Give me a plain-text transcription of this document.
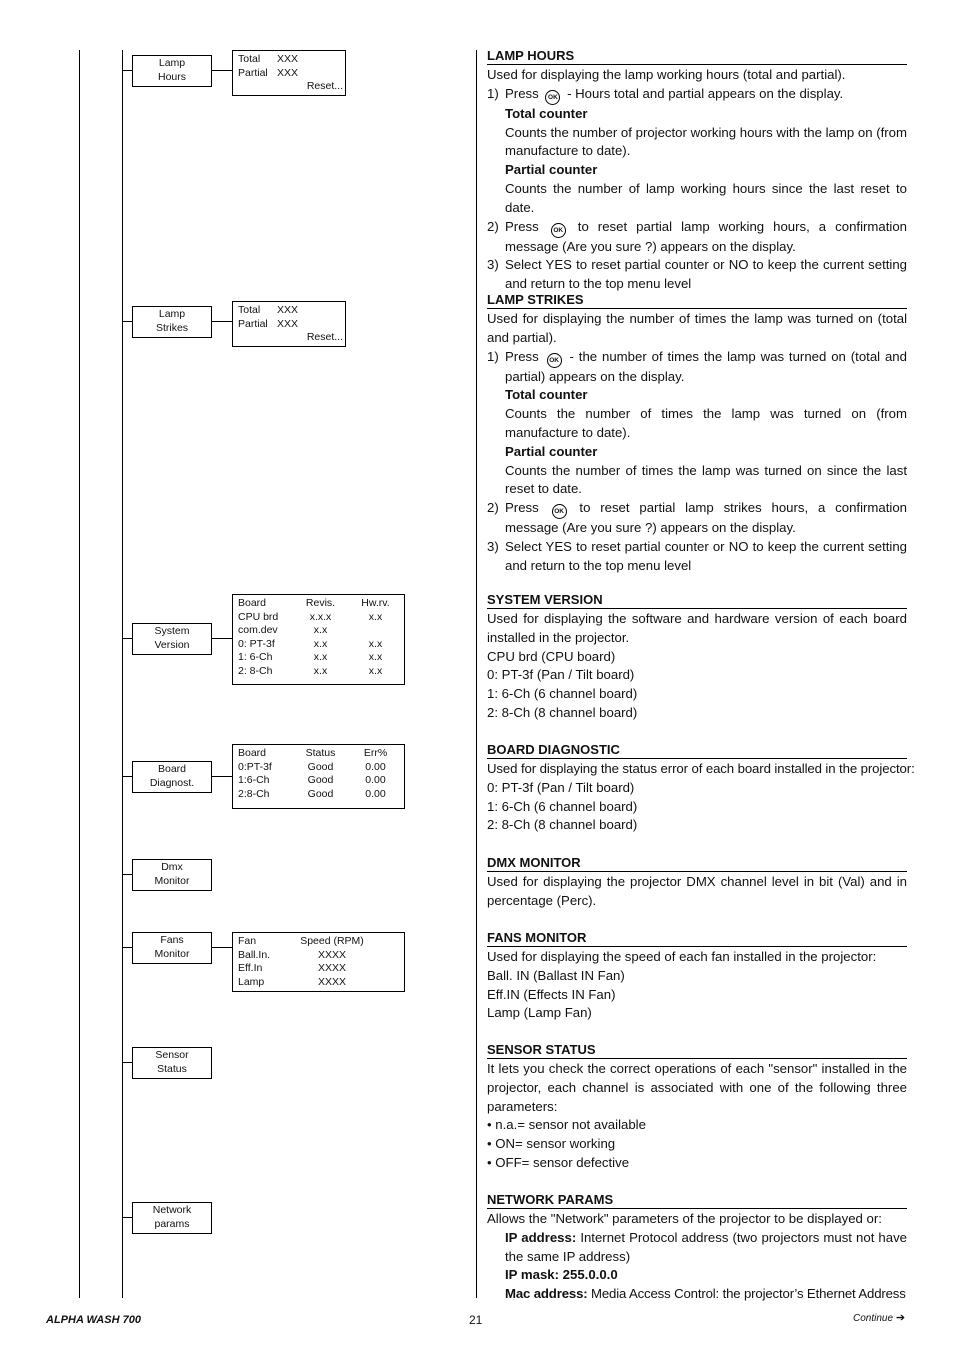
Lamp
Hours
Lamp
Strikes
System
Version
Board
Diagnost.
Dmx
Monitor
Fans
Monitor
Sensor
Status
Network
params
Total	XXX
Partial XXX
Reset...
Total	XXX
Partial XXX
Reset...
Board	Revis.	Hw.rv.
CPU brd	x.x.x	x.x
com.dev	x.x
0: PT-3f	x.x	x.x
1: 6-Ch	x.x	x.x
2: 8-Ch	x.x	x.x
Board	Status	Err%
0:PT-3f	Good	0.00
1:6-Ch	Good	0.00
2:8-Ch	Good	0.00
Fan	Speed (RPM)
Ball.In.	XXXX
Eff.In	XXXX
Lamp	XXXX
LAMP HOURS

Used for displaying the lamp working hours (total and partial).

1) Press OK - Hours total and partial appears on the display.
Total counter
Counts the number of projector working hours with the lamp on (from manufacture to date).
Partial counter
Counts the number of lamp working hours since the last reset to date.
2) Press OK to reset partial lamp working hours, a confirmation message (Are you sure ?) appears on the display.
3) Select YES to reset partial counter or NO to keep the current setting and return to the top menu level
LAMP STRIKES

Used for displaying the number of times the lamp was turned on (total and partial).

1) Press OK - the number of times the lamp was turned on (total and partial) appears on the display.
Total counter
Counts the number of times the lamp was turned on (from manufacture to date).
Partial counter
Counts the number of times the lamp was turned on since the last reset to date.
2) Press OK to reset partial lamp strikes hours, a confirmation message (Are you sure ?) appears on the display.
3) Select YES to reset partial counter or NO to keep the current setting and return to the top menu level
SYSTEM VERSION

Used for displaying the software and hardware version of each board installed in the projector.

CPU brd (CPU board)
0: PT-3f (Pan / Tilt board)
1: 6-Ch (6 channel board)
2: 8-Ch (8 channel board)
BOARD DIAGNOSTIC

Used for displaying the status error of each board installed in the projector:

0: PT-3f (Pan / Tilt board)
1: 6-Ch (6 channel board)
2: 8-Ch (8 channel board)
DMX MONITOR

Used for displaying the projector DMX channel level in bit (Val) and in percentage (Perc).

FANS MONITOR

Used for displaying the speed of each fan installed in the projector:

Ball. IN (Ballast IN Fan)
Eff.IN (Effects IN Fan)
Lamp (Lamp Fan)
SENSOR STATUS

It lets you check the correct operations of each "sensor" installed in the projector, each channel is associated with one of the following three parameters:

• n.a.= sensor not available
• ON= sensor working
• OFF= sensor defective
NETWORK PARAMS

Allows the "Network" parameters of the projector to be displayed or:

IP address: Internet Protocol address (two projectors must not have the same IP address)
IP mask: 255.0.0.0
Mac address: Media Access Control: the projector’s Ethernet Address
ALPHA WASH 700	21	Continue ➔
